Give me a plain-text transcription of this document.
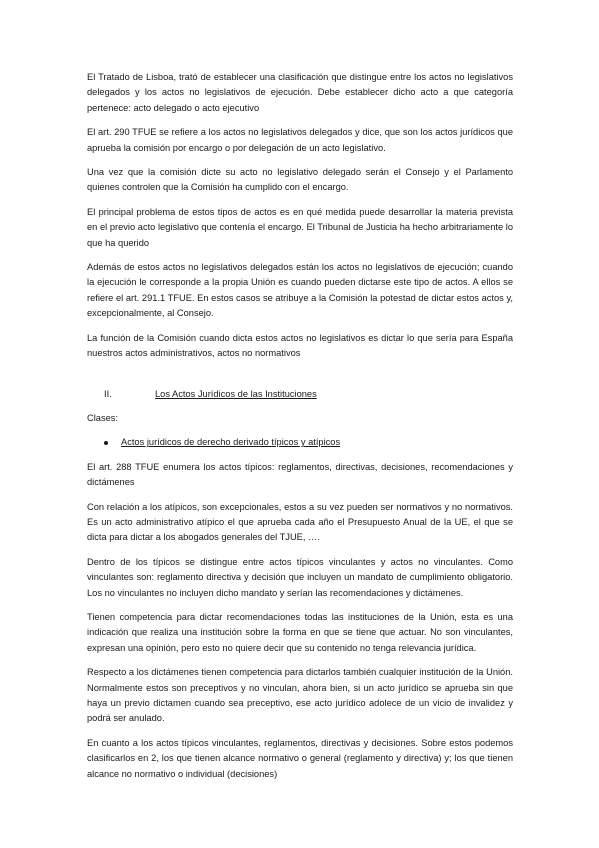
El Tratado de Lisboa, trató de establecer una clasificación que distingue entre los actos no legislativos delegados y los actos no legislativos de ejecución. Debe establecer dicho acto a que categoría pertenece: acto delegado o acto ejecutivo

El art. 290 TFUE se refiere a los actos no legislativos delegados y dice, que son los actos jurídicos que aprueba la comisión por encargo o por delegación de un acto legislativo.

Una vez que la comisión dicte su acto no legislativo delegado serán el Consejo y el Parlamento quienes controlen que la Comisión ha cumplido con el encargo.

El principal problema de estos tipos de actos es en qué medida puede desarrollar la materia prevista en el previo acto legislativo que contenía el encargo. El Tribunal de Justicia ha hecho arbitrariamente lo que ha querido

Además de estos actos no legislativos delegados están los actos no legislativos de ejecución; cuando la ejecución le corresponde a la propia Unión es cuando pueden dictarse este tipo de actos. A ellos se refiere el art. 291.1 TFUE. En estos casos se atribuye a la Comisión la potestad de dictar estos actos y, excepcionalmente, al Consejo.

La función de la Comisión cuando dicta estos actos no legislativos es dictar lo que sería para España nuestros actos administrativos, actos no normativos

II.	Los Actos Jurídicos de las Instituciones

Clases:

Actos jurídicos de derecho derivado típicos y atípicos

El art. 288 TFUE enumera los actos típicos: reglamentos, directivas, decisiones, recomendaciones y dictámenes

Con relación a los atípicos, son excepcionales, estos a su vez pueden ser normativos y no normativos. Es un acto administrativo atípico el que aprueba cada año el Presupuesto Anual de la UE, el que se dicta para dictar a los abogados generales del TJUE, ….

Dentro de los típicos se distingue entre actos típicos vinculantes y actos no vinculantes. Como vinculantes son: reglamento directiva y decisión que incluyen un mandato de cumplimiento obligatorio. Los no vinculantes no incluyen dicho mandato y serían las recomendaciones y dictámenes.

Tienen competencia para dictar recomendaciones todas las instituciones de la Unión, esta es una indicación que realiza una institución sobre la forma en que se tiene que actuar. No son vinculantes, expresan una opinión, pero esto no quiere decir que su contenido no tenga relevancia jurídica.

Respecto a los dictámenes tienen competencia para dictarlos también cualquier institución de la Unión. Normalmente estos son preceptivos y no vinculan, ahora bien, si un acto jurídico se aprueba sin que haya un previo dictamen cuando sea preceptivo, ese acto jurídico adolece de un vicio de invalidez y podrá ser anulado.

En cuanto a los actos típicos vinculantes, reglamentos, directivas y decisiones. Sobre estos podemos clasificarlos en 2, los que tienen alcance normativo o general (reglamento y directiva) y; los que tienen alcance no normativo o individual (decisiones)
